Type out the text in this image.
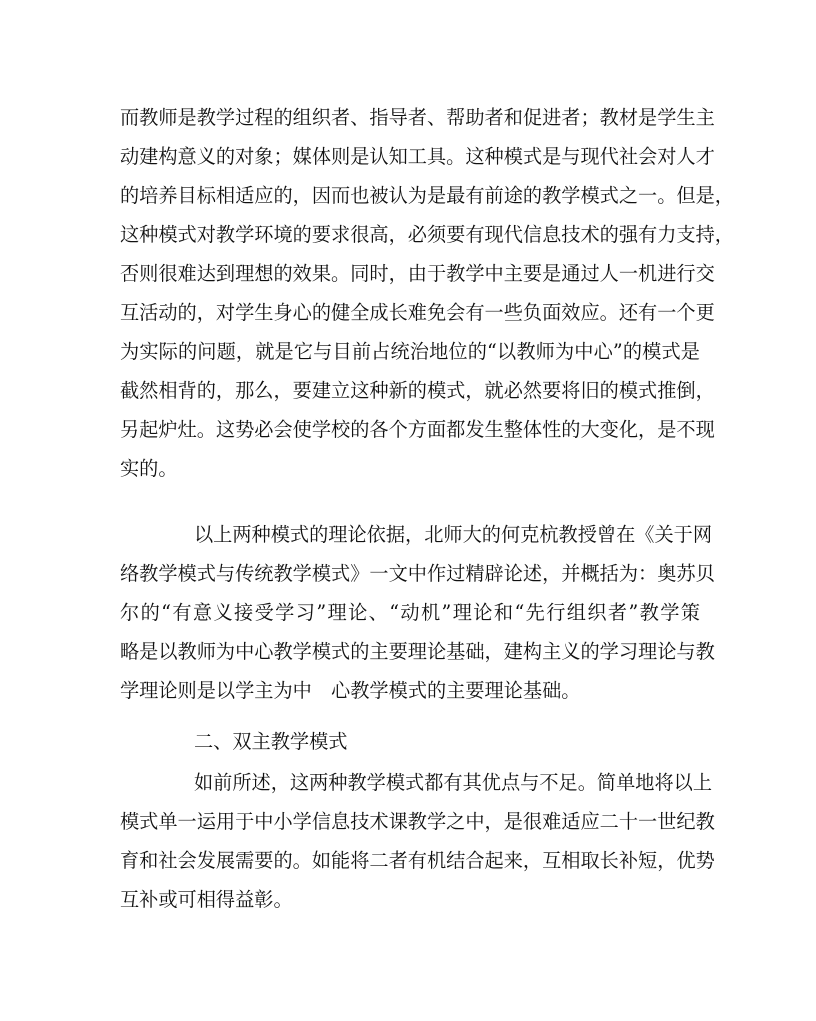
而教师是教学过程的组织者、指导者、帮助者和促进者；教材是学生主
动建构意义的对象；媒体则是认知工具。这种模式是与现代社会对人才
的培养目标相适应的，因而也被认为是最有前途的教学模式之一。但是，
这种模式对教学环境的要求很高，必须要有现代信息技术的强有力支持，
否则很难达到理想的效果。同时，由于教学中主要是通过人一机进行交
互活动的，对学生身心的健全成长难免会有一些负面效应。还有一个更
为实际的问题，就是它与目前占统治地位的“以教师为中心”的模式是
截然相背的，那么，要建立这种新的模式，就必然要将旧的模式推倒，
另起炉灶。这势必会使学校的各个方面都发生整体性的大变化，是不现
实的。
以上两种模式的理论依据，北师大的何克杭教授曾在《关于网
络教学模式与传统教学模式》一文中作过精辟论述，并概括为：奥苏贝
尔的“有意义接受学习”理论、“动机”理论和“先行组织者”教学策
略是以教师为中心教学模式的主要理论基础，建构主义的学习理论与教
学理论则是以学主为中　心教学模式的主要理论基础。
二、双主教学模式
如前所述，这两种教学模式都有其优点与不足。简单地将以上
模式单一运用于中小学信息技术课教学之中，是很难适应二十一世纪教
育和社会发展需要的。如能将二者有机结合起来，互相取长补短，优势
互补或可相得益彰。
